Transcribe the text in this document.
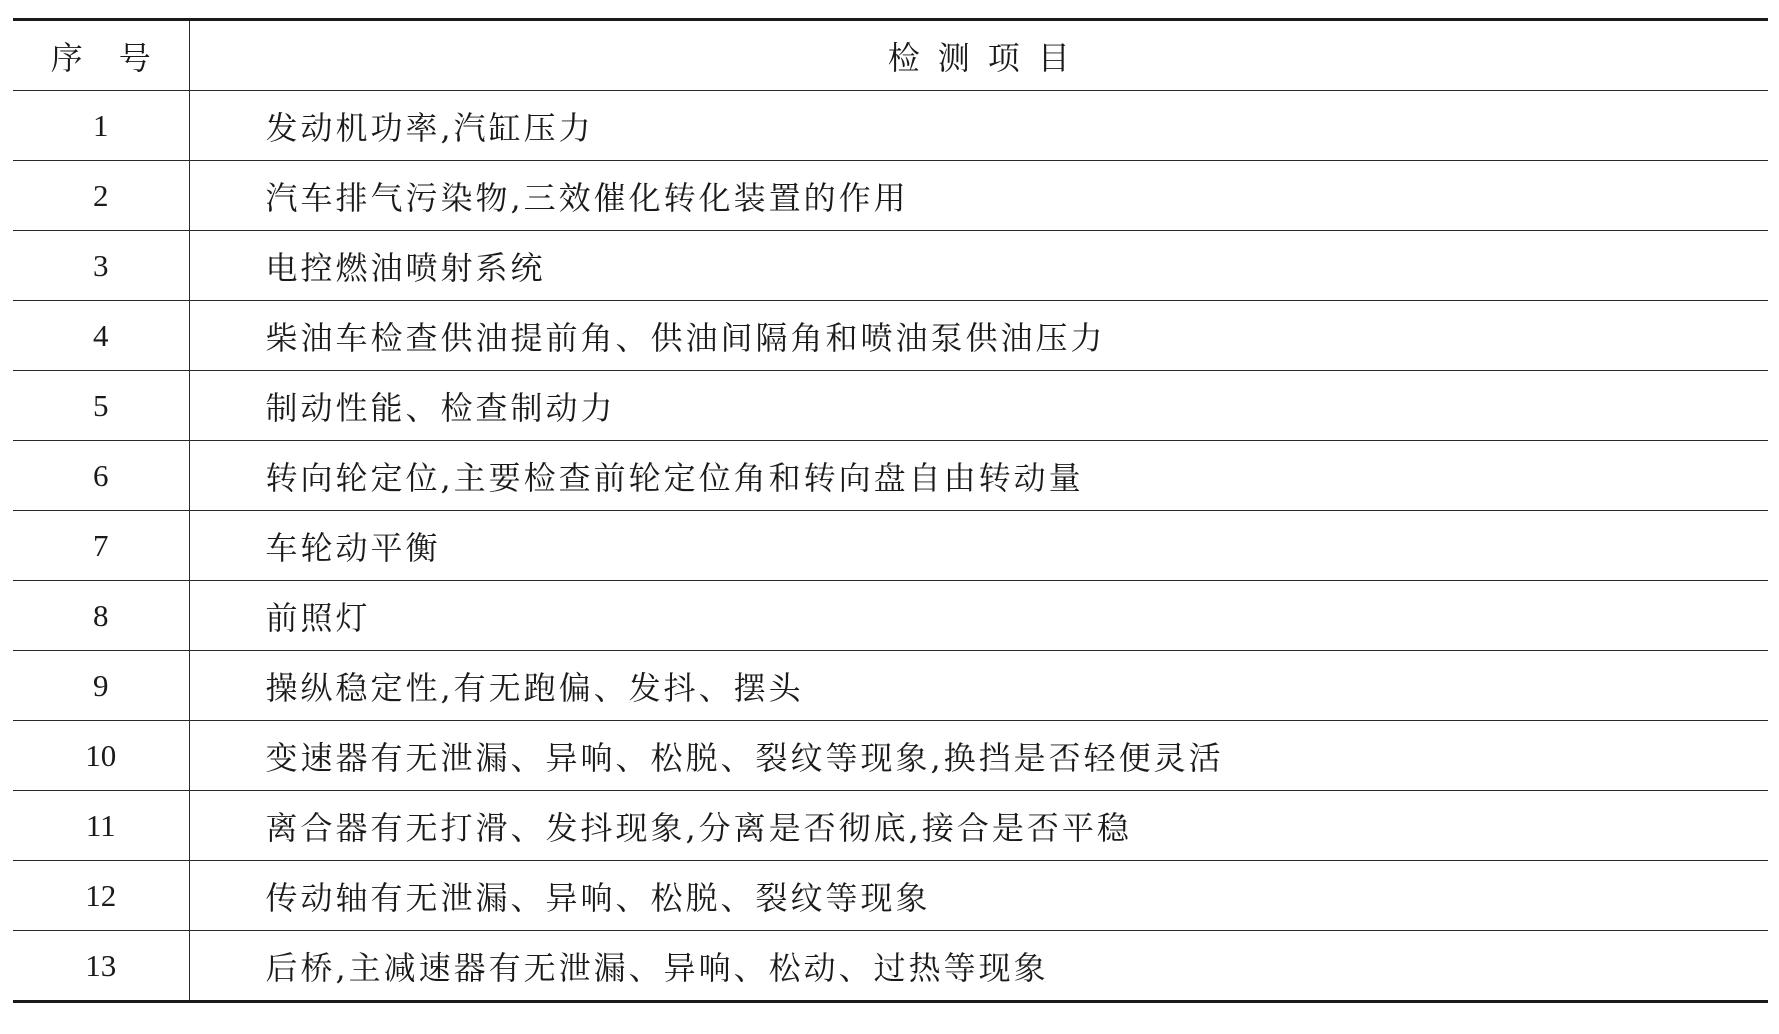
序号	检测项目
1	发动机功率,汽缸压力
2	汽车排气污染物,三效催化转化装置的作用
3	电控燃油喷射系统
4	柴油车检查供油提前角、供油间隔角和喷油泵供油压力
5	制动性能、检查制动力
6	转向轮定位,主要检查前轮定位角和转向盘自由转动量
7	车轮动平衡
8	前照灯
9	操纵稳定性,有无跑偏、发抖、摆头
10	变速器有无泄漏、异响、松脱、裂纹等现象,换挡是否轻便灵活
11	离合器有无打滑、发抖现象,分离是否彻底,接合是否平稳
12	传动轴有无泄漏、异响、松脱、裂纹等现象
13	后桥,主减速器有无泄漏、异响、松动、过热等现象
